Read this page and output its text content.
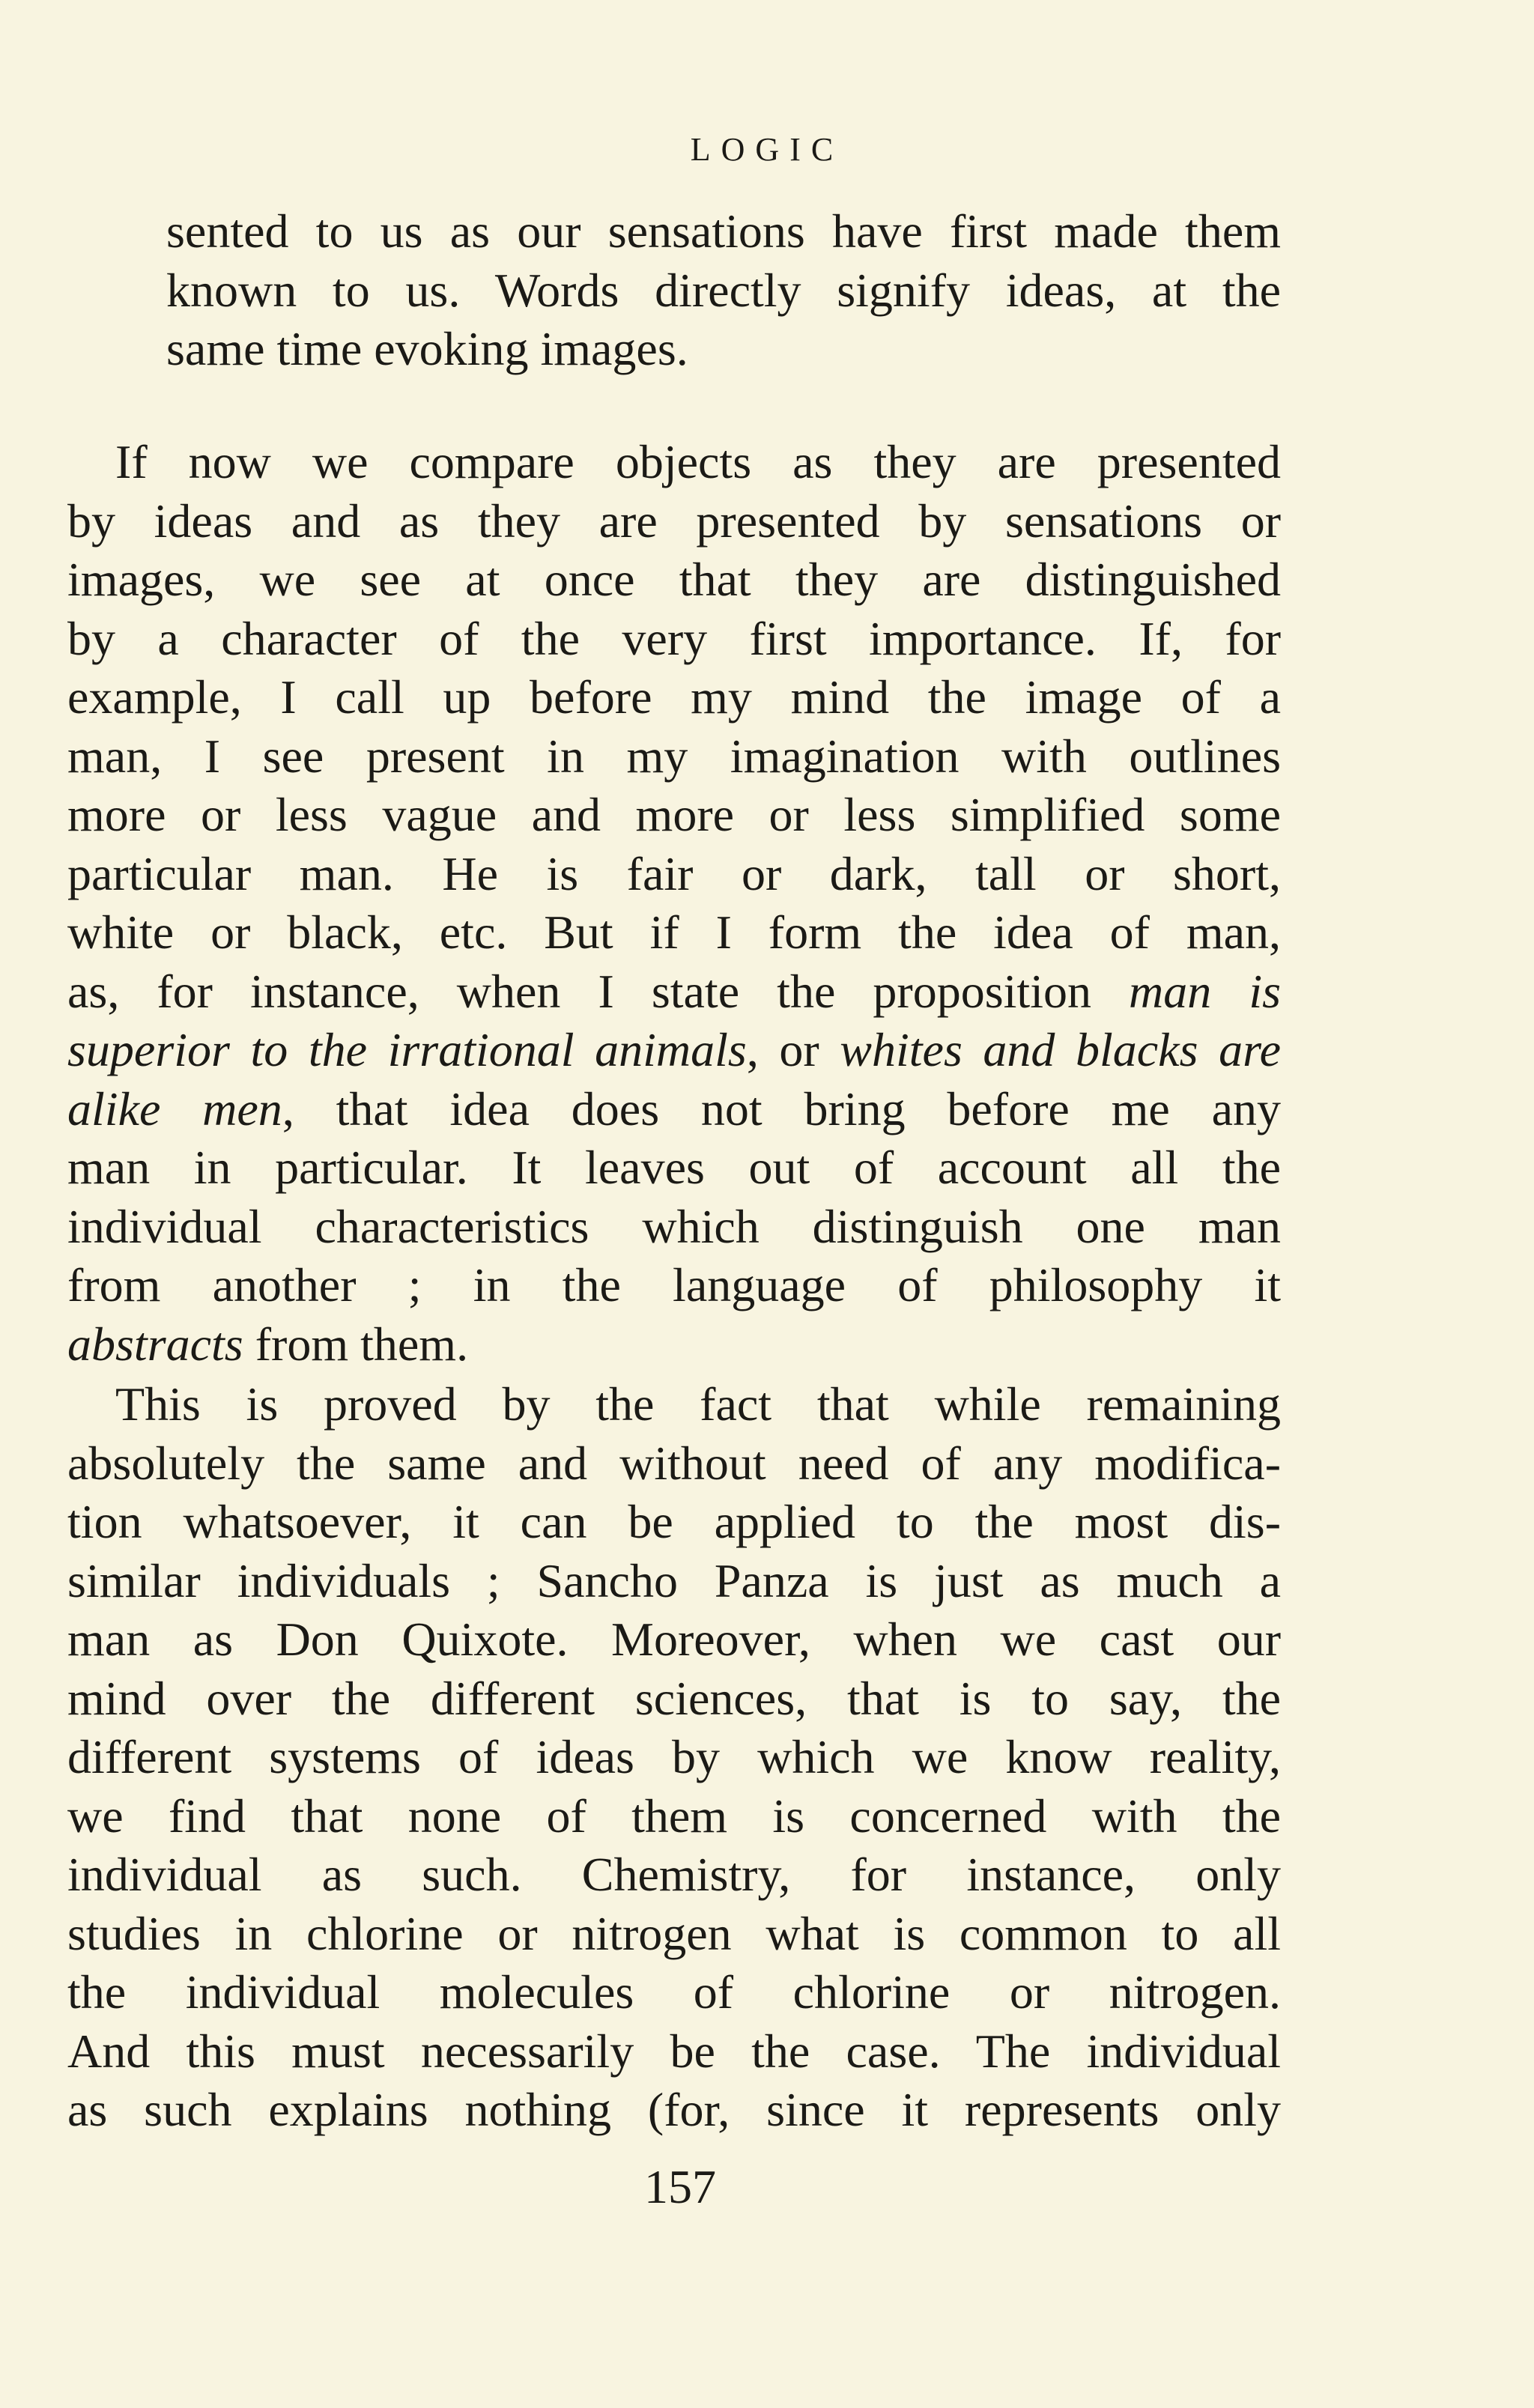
LOGIC
sented to us as our sensations have first made them
known to us. Words directly signify ideas, at the
same time evoking images.
If now we compare objects as they are presented
by ideas and as they are presented by sensations or
images, we see at once that they are distinguished
by a character of the very first importance. If, for
example, I call up before my mind the image of a
man, I see present in my imagination with outlines
more or less vague and more or less simplified some
particular man. He is fair or dark, tall or short,
white or black, etc. But if I form the idea of man,
as, for instance, when I state the proposition man is
superior to the irrational animals, or whites and blacks are
alike men, that idea does not bring before me any
man in particular. It leaves out of account all the
individual characteristics which distinguish one man
from another ; in the language of philosophy it
abstracts from them.
This is proved by the fact that while remaining
absolutely the same and without need of any modifica-
tion whatsoever, it can be applied to the most dis-
similar individuals ; Sancho Panza is just as much a
man as Don Quixote. Moreover, when we cast our
mind over the different sciences, that is to say, the
different systems of ideas by which we know reality,
we find that none of them is concerned with the
individual as such. Chemistry, for instance, only
studies in chlorine or nitrogen what is common to all
the individual molecules of chlorine or nitrogen.
And this must necessarily be the case. The individual
as such explains nothing (for, since it represents only
157
